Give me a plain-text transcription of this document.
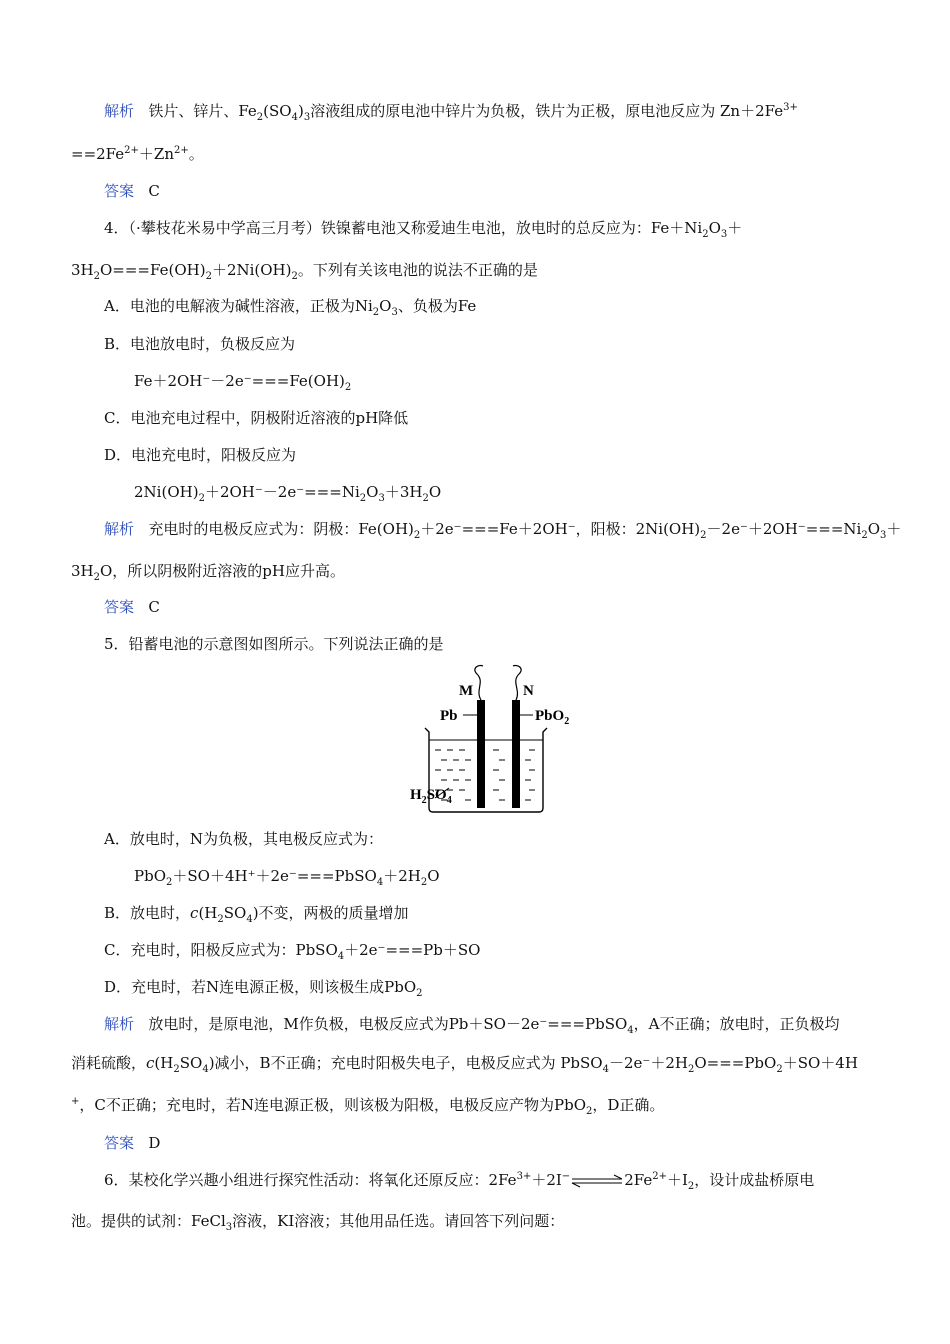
解析 铁片、锌片、$Fe_2(SO_4)_3$溶液组成的原电池中锌片为负极，铁片为正极，原电池反应为 $Zn+2Fe^{3+}$
$==2Fe^{2+}+Zn^{2+}$。
答案 C
4．（·攀枝花米易中学高三月考）铁镍蓄电池又称爱迪生电池，放电时的总反应为：$Fe+Ni_2O_3+$
$3H_2O===Fe(OH)_2+2Ni(OH)_2$。下列有关该电池的说法不正确的是
A．电池的电解液为碱性溶液，正极为$Ni_2O_3$、负极为Fe
B．电池放电时，负极反应为
$Fe+2OH^--2e^-===Fe(OH)_2$
C．电池充电过程中，阴极附近溶液的pH降低
D．电池充电时，阳极反应为
$2Ni(OH)_2+2OH^--2e^-===Ni_2O_3+3H_2O$
解析 充电时的电极反应式为：阴极：$Fe(OH)_2+2e^-===Fe+2OH^-$，阳极：$2Ni(OH)_2-2e^-+2OH^-===Ni_2O_3+$
$3H_2O$，所以阴极附近溶液的pH应升高。
答案 C
5．铅蓄电池的示意图如图所示。下列说法正确的是
M	N
Pb	PbO$_2$
$H_2SO_4$
A．放电时，N为负极，其电极反应式为：
$PbO_2+SO+4H^++2e^-===PbSO_4+2H_2O$
B．放电时，$c(H_2SO_4)$不变，两极的质量增加
C．充电时，阳极反应式为：PbSO$_4$＋2e⁻===Pb＋SO
D．充电时，若N连电源正极，则该极生成PbO$_2$
解析 放电时，是原电池，M作负极，电极反应式为Pb＋SO－2e⁻===PbSO$_4$，A不正确；放电时，正负极均
消耗硫酸，$c(H_2SO_4)$减小，B不正确；充电时阳极失电子，电极反应式为 $PbSO_4-2e^-+2H_2O===PbO_2+SO+4H$
+，C不正确；充电时，若N连电源正极，则该极为阳极，电极反应产物为PbO$_2$，D正确。
答案 D
6．某校化学兴趣小组进行探究性活动：将氧化还原反应：$2Fe^{3+}+2I^-\rightleftharpoons 2Fe^{2+}+I_2$，设计成盐桥原电
池。提供的试剂：FeCl$_3$溶液，KI溶液；其他用品任选。请回答下列问题：
